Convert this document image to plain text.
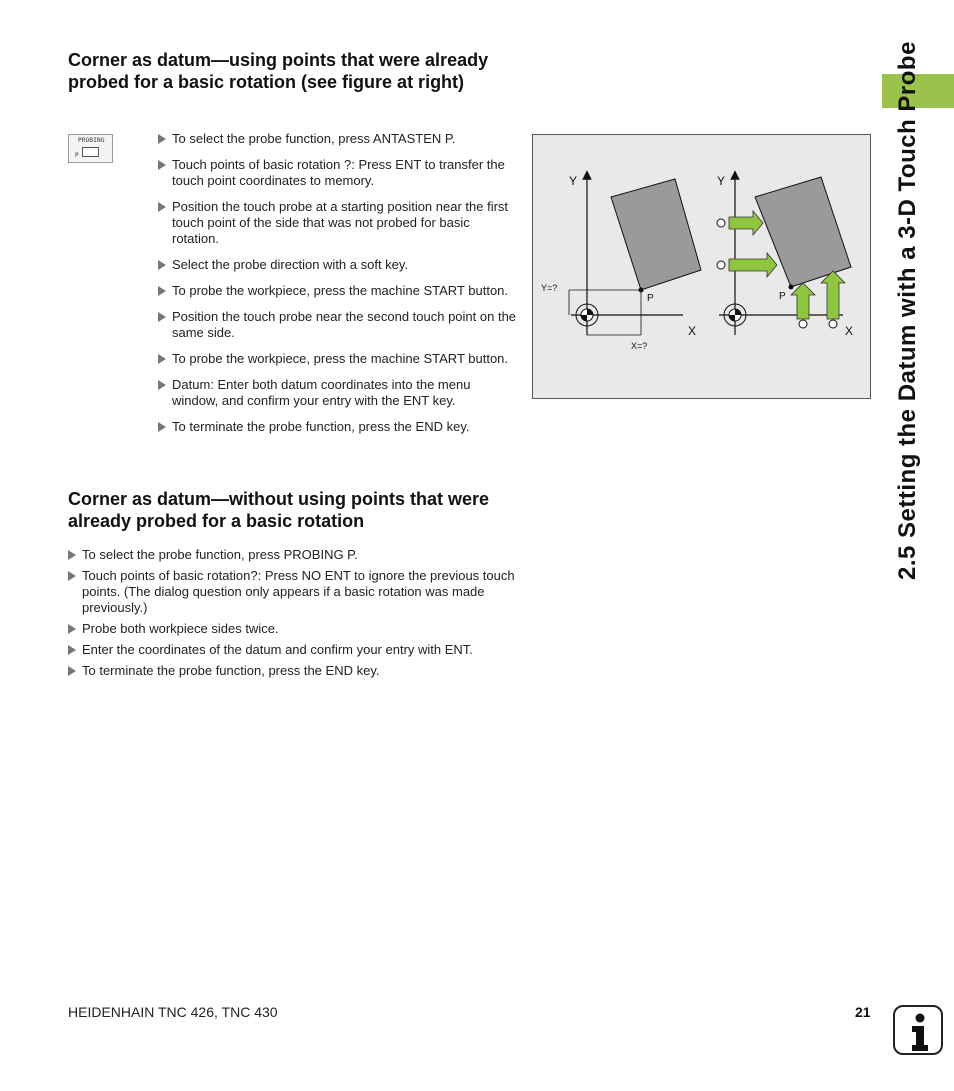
Corner as datum—using points that were already probed for a basic rotation (see figure at right)
PROBING
P
To select the probe function, press ANTASTEN P.
Touch points of basic rotation ?: Press ENT to transfer the touch point coordinates to memory.
Position the touch probe at a starting position near the first touch point of the side that was not probed for basic rotation.
Select the probe direction with a soft key.
To probe the workpiece, press the machine START button.
Position the touch probe near the second touch point on the same side.
To probe the workpiece, press the machine START button.
Datum: Enter both datum coordinates into the menu window, and confirm your entry with the ENT key.
To terminate the probe function, press the END key.
Y
X
P
Y=?
X=?
Y
X
P
Corner as datum—without using points that were already probed for a basic rotation
To select the probe function, press PROBING P.
Touch points of basic rotation?: Press NO ENT to ignore the previous touch points. (The dialog question only appears if a basic rotation was made previously.)
Probe both workpiece sides twice.
Enter the coordinates of the datum and confirm your entry with ENT.
To terminate the probe function, press the END key.
2.5 Setting the Datum with a 3-D Touch Probe
HEIDENHAIN TNC 426, TNC 430	21
